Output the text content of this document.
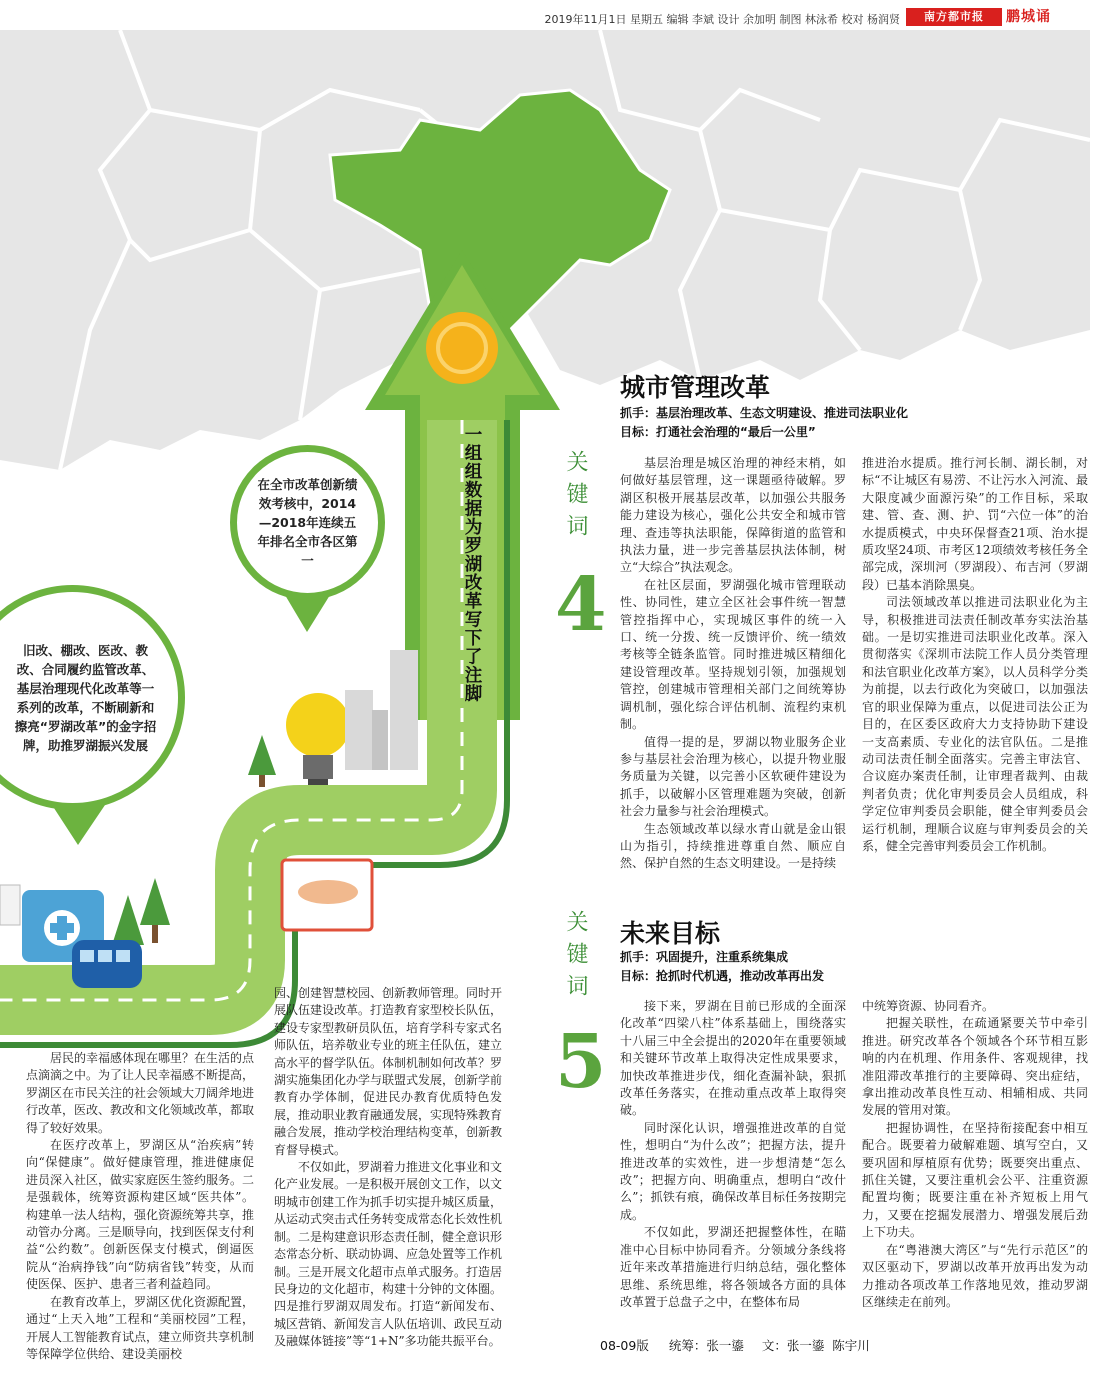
2019年11月1日 星期五 编辑 李斌 设计 余加明 制图 林泳希 校对 杨润贤	南方都市报	鹏城诵
一组组数据为罗湖改革写下了注脚
在全市改革创新绩效考核中，2014—2018年连续五年排名全市各区第一
旧改、棚改、医改、教改、合同履约监管改革、基层治理现代化改革等一系列的改革，不断刷新和擦亮“罗湖改革”的金字招牌，助推罗湖振兴发展
关键词
4
城市管理改革
抓手：基层治理改革、生态文明建设、推进司法职业化
目标：打通社会治理的“最后一公里”

基层治理是城区治理的神经末梢，如何做好基层管理，这一课题亟待破解。罗湖区积极开展基层改革，以加强公共服务能力建设为核心，强化公共安全和城市管理、查违等执法职能，保障街道的监管和执法力量，进一步完善基层执法体制，树立“大综合”执法观念。

在社区层面，罗湖强化城市管理联动性、协同性，建立全区社会事件统一智慧管控指挥中心，实现城区事件的统一入口、统一分拨、统一反馈评价、统一绩效考核等全链条监管。同时推进城区精细化建设管理改革。坚持规划引领，加强规划管控，创建城市管理相关部门之间统筹协调机制，强化综合评估机制、流程约束机制。

值得一提的是，罗湖以物业服务企业参与基层社会治理为核心，以提升物业服务质量为关键，以完善小区软硬件建设为抓手，以破解小区管理难题为突破，创新社会力量参与社会治理模式。

生态领域改革以绿水青山就是金山银山为指引，持续推进尊重自然、顺应自然、保护自然的生态文明建设。一是持续

推进治水提质。推行河长制、湖长制，对标“不让城区有易涝、不让污水入河流、最大限度减少面源污染”的工作目标，采取建、管、查、测、护、罚“六位一体”的治水提质模式，中央环保督查21项、治水提质攻坚24项、市考区12项绩效考核任务全部完成，深圳河（罗湖段）、布吉河（罗湖段）已基本消除黑臭。

司法领域改革以推进司法职业化为主导，积极推进司法责任制改革夯实法治基础。一是切实推进司法职业化改革。深入贯彻落实《深圳市法院工作人员分类管理和法官职业化改革方案》，以人员科学分类为前提，以去行政化为突破口，以加强法官的职业保障为重点，以促进司法公正为目的，在区委区政府大力支持协助下建设一支高素质、专业化的法官队伍。二是推动司法责任制全面落实。完善主审法官、合议庭办案责任制，让审理者裁判、由裁判者负责；优化审判委员会人员组成，科学定位审判委员会职能，健全审判委员会运行机制，理顺合议庭与审判委员会的关系，健全完善审判委员会工作机制。

关键词
5
未来目标
抓手：巩固提升，注重系统集成
目标：抢抓时代机遇，推动改革再出发

接下来，罗湖在目前已形成的全面深化改革“四梁八柱”体系基础上，围绕落实十八届三中全会提出的2020年在重要领域和关键环节改革上取得决定性成果要求，加快改革推进步伐，细化查漏补缺，狠抓改革任务落实，在推动重点改革上取得突破。

同时深化认识，增强推进改革的自觉性，想明白“为什么改”；把握方法，提升推进改革的实效性，进一步想清楚“怎么改”；把握方向、明确重点，想明白“改什么”；抓铁有痕，确保改革目标任务按期完成。

不仅如此，罗湖还把握整体性，在瞄准中心目标中协同看齐。分领域分条线将近年来改革措施进行归纳总结，强化整体思维、系统思维，将各领域各方面的具体改革置于总盘子之中，在整体布局

中统筹资源、协同看齐。

把握关联性，在疏通紧要关节中牵引推进。研究改革各个领域各个环节相互影响的内在机理、作用条件、客观规律，找准阻滞改革推行的主要障碍、突出症结，拿出推动改革良性互动、相辅相成、共同发展的管用对策。

把握协调性，在坚持衔接配套中相互配合。既要着力破解难题、填写空白，又要巩固和厚植原有优势；既要突出重点、抓住关键，又要注重机会公平、注重资源配置均衡；既要注重在补齐短板上用气力，又要在挖掘发展潜力、增强发展后劲上下功夫。

在“粤港澳大湾区”与“先行示范区”的双区驱动下，罗湖以改革开放再出发为动力推动各项改革工作落地见效，推动罗湖区继续走在前列。

居民的幸福感体现在哪里？在生活的点点滴滴之中。为了让人民幸福感不断提高，罗湖区在市民关注的社会领域大刀阔斧地进行改革，医改、教改和文化领域改革，都取得了较好效果。

在医疗改革上，罗湖区从“治疾病”转向“保健康”。做好健康管理，推进健康促进员深入社区，做实家庭医生签约服务。二是强载体，统筹资源构建区域“医共体”。构建单一法人结构，强化资源统筹共享，推动管办分离。三是顺导向，找到医保支付利益“公约数”。创新医保支付模式，倒逼医院从“治病挣钱”向“防病省钱”转变，从而使医保、医护、患者三者利益趋同。

在教育改革上，罗湖区优化资源配置，通过“上天入地”工程和“美丽校园”工程，开展人工智能教育试点，建立师资共享机制等保障学位供给、建设美丽校

园、创建智慧校园、创新教师管理。同时开展队伍建设改革。打造教育家型校长队伍，建设专家型教研员队伍，培育学科专家式名师队伍，培养敬业专业的班主任队伍，建立高水平的督学队伍。体制机制如何改革？罗湖实施集团化办学与联盟式发展，创新学前教育办学体制，促进民办教育优质特色发展，推动职业教育融通发展，实现特殊教育融合发展，推动学校治理结构变革，创新教育督导模式。

不仅如此，罗湖着力推进文化事业和文化产业发展。一是积极开展创文工作，以文明城市创建工作为抓手切实提升城区质量，从运动式突击式任务转变成常态化长效性机制。二是构建意识形态责任制，健全意识形态常态分析、联动协调、应急处置等工作机制。三是开展文化超市点单式服务。打造居民身边的文化超市，构建十分钟的文体圈。四是推行罗湖双周发布。打造“新闻发布、城区营销、新闻发言人队伍培训、政民互动及融媒体链接”等“1+N”多功能共振平台。	08-09版 统筹：张一鎏 文：张一鎏  陈宇川
